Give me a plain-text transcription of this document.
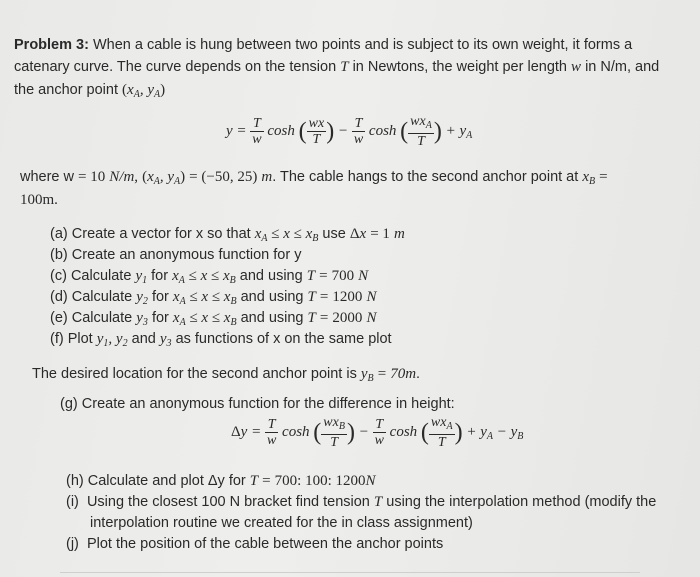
Problem 3: When a cable is hung between two points and is subject to its own weight, it forms a
catenary curve. The curve depends on the tension T in Newtons, the weight per length w in N/m, and
the anchor point ($x_A$, $y_A$)
$y = \frac{T}{w}$ cosh ( $\frac{wx}{T}$ ) − $\frac{T}{w}$ cosh ( $\frac{wx_A}{T}$ ) + $y_A$
where w = 10 N/m, ($x_A$, $y_A) = (-50$, 25) m. The cable hangs to the second anchor point at $x_B$ =
100m.
(a) Create a vector for x so that $x_A \le x \le x_B$ use Δx = 1 m
(b) Create an anonymous function for y
(c) Calculate $y_1$ for $x_A \le x \le x_B$ and using T = 700 N
(d) Calculate $y_2$ for $x_A \le x \le x_B$ and using T = 1200 N
(e) Calculate $y_3$ for $x_A \le x \le x_B$ and using T = 2000 N
(f) Plot $y_1$, $y_2$ and $y_3$ as functions of x on the same plot
The desired location for the second anchor point is $y_B = 70m$.
(g) Create an anonymous function for the difference in height:
$\Delta y = \frac{T}{w}$ cosh ( $\frac{wx_B}{T}$ ) − $\frac{T}{w}$ cosh ( $\frac{wx_A}{T}$ ) + $y_A - y_B$
(h) Calculate and plot Δy for T = 700: 100: 1200N
(i) Using the closest 100 N bracket find tension T using the interpolation method (modify the
interpolation routine we created for the in class assignment)
(j) Plot the position of the cable between the anchor points
